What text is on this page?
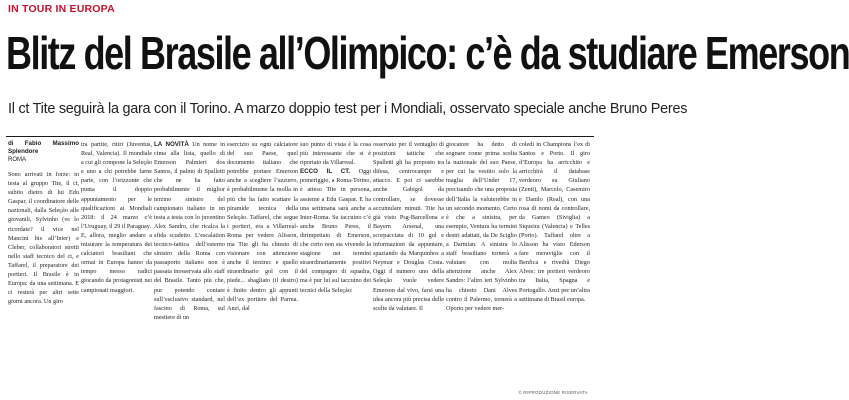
IN TOUR IN EUROPA
Blitz del Brasile all’Olimpico: c’è da studiare Emerson
Il ct Tite seguirà la gara con il Torino. A marzo doppio test per i Mondiali, osservato speciale anche Bruno Peres
di Fabio Massimo Splendore
ROMA

Sono arrivati in forze: in testa al gruppo Tite, il ct, subito dietro di lui Edu Gaspar, il coordinatore delle nazionali, dalla Seleção alle giovanili, Sylvinho (ve lo ricordate? il vice nel Mancini bis all’Inter) e Cleber, collaboratori stretti nello staff tecnico del ct, e Taffarel, il preparatore dei portieri. Il Brasile è in Europa: da una settimana. E ci resterà per altri sette giorni ancora. Un giro

tra partite, ritiri (Juventus, Real, Valencia). Il mondiale a cui gli compone la Seleção e uno a chi potrebbe farne parte, con l’orizzonte che punta il doppio appuntamento per le qualificazioni ai Mondiali 2018: il 24 marzo c’è l’Uruguay, il 29 il Paraguay.

E, allora, meglio andare a misurare la temperatura dei calciatori brasiliani che ormai in Europa hanno da tempo messo radici giocando da protagonisti nei campionati maggiori.

LA NOVITÀ Un nome in cima alla lista, quello di Emerson Palmieri dos Santos, il palmo di Spalletti che ne ha fatto probabilmente il miglior terzino sinistro del campionato italiano in un testa a testa con lo juventino Alex Sandro, che ricalca la sfida scudetto. L’escalation tecnico-tattica dell’esterno sinistro della Roma con passaporto italiano non è passata inosservata allo staff del Brasile. Tanto più che, pur potendo contare sull’esclusivo standard, nel fascino di Roma, sul mestiere di un

esercizio su ogni calciatore del suo Paese, quel documento italiano che potrebbe portare Emerson anche a scegliere l’azzurro, è probabilmente la molla in più che ha fatto scattare la piramide tecnica della Seleção. Taffarel, che segue i portieri, era a Villarreal-Roma per vedere Alisson, ma Tite gli ha chiesto di visionare con attenzione anche il terzino: e quello straordinario gol con il piede... sbagliato (il destro) è finito dentro gli appunti dell’ex portiere del Parma. Anzi, dal

suo punto di vista è la cosa più interessante che si è riportato da Villarreal.

ECCO IL CT. Oggi pomeriggio, a Roma-Torino, è atteso Tite in persona, assieme a Edu Gaspar. E ha una settimana sarà anche a Inter-Roma. Su taccuino c’è anche Bruno Peres, il dirimpettaio di Emerson, che certo non sta vivendo la stagione nei termini straordinariamente positivi del compagno di squadra, ma è pur lui sul taccuino dei tecnici della Seleção:

osservato per il ventaglio di posizioni tattiche che Spalletti gli ha proposto tra difesa, centrocampo e attacco. E poi ci sarebbe anche Gabigol da controllare, se dovesse accumulare minuti. Tite ha già visto Psg-Barcellona e Bayern Arsenal, una scorpacciata di 10 gol e informazioni da appuntare, spaziando da Marquinhos a Neymar e Douglas Costa. Oggi il numero uno della Seleção vuole vedere Emerson dal vivo, farsi una idea ancora più precisa delle scelte da valutare. Il

giocatore ha detto di sognare come prima scelta la nazionale del suo Paese, per cui ha vestito solo la maglia dell’Under 17, precisando che una proposta dell’Italia la valuterebbe in un secondo momento. Certo è che a sinistra, per esempio, Ventura ha termini destri adattati, da De Sciglio a Darmian. A sinistra lo staff brasiliano tornerà a valutare con molta attenzione anche Alex Sandro: l’altro ieri Sylvinho ha chiesto Dani Alves contro il Palermo, tornerà a Oporto per vedere mer-

coledi in Champions l’ex di Santos e Porto. Il giro d’Europa ha arricchito e arricchirà il database verdeoro su Giuliano (Zenit), Marcelo, Casemiro e Danilo (Real), con una rosa di nomi da controllare, da Gameo (Siviglia) a Siqueira (Valencia) e Telles (Porto). Taffarel oltre a Alisson ha visto Ederson fare meraviglie con il Benfica e rivedrà Diego Alves: tre portieri verdeoro tra Italia, Spagna e Portogallo. Anzi per un’altra settimana di Brasil europa.

© RIPRODUZIONE RISERVATA
